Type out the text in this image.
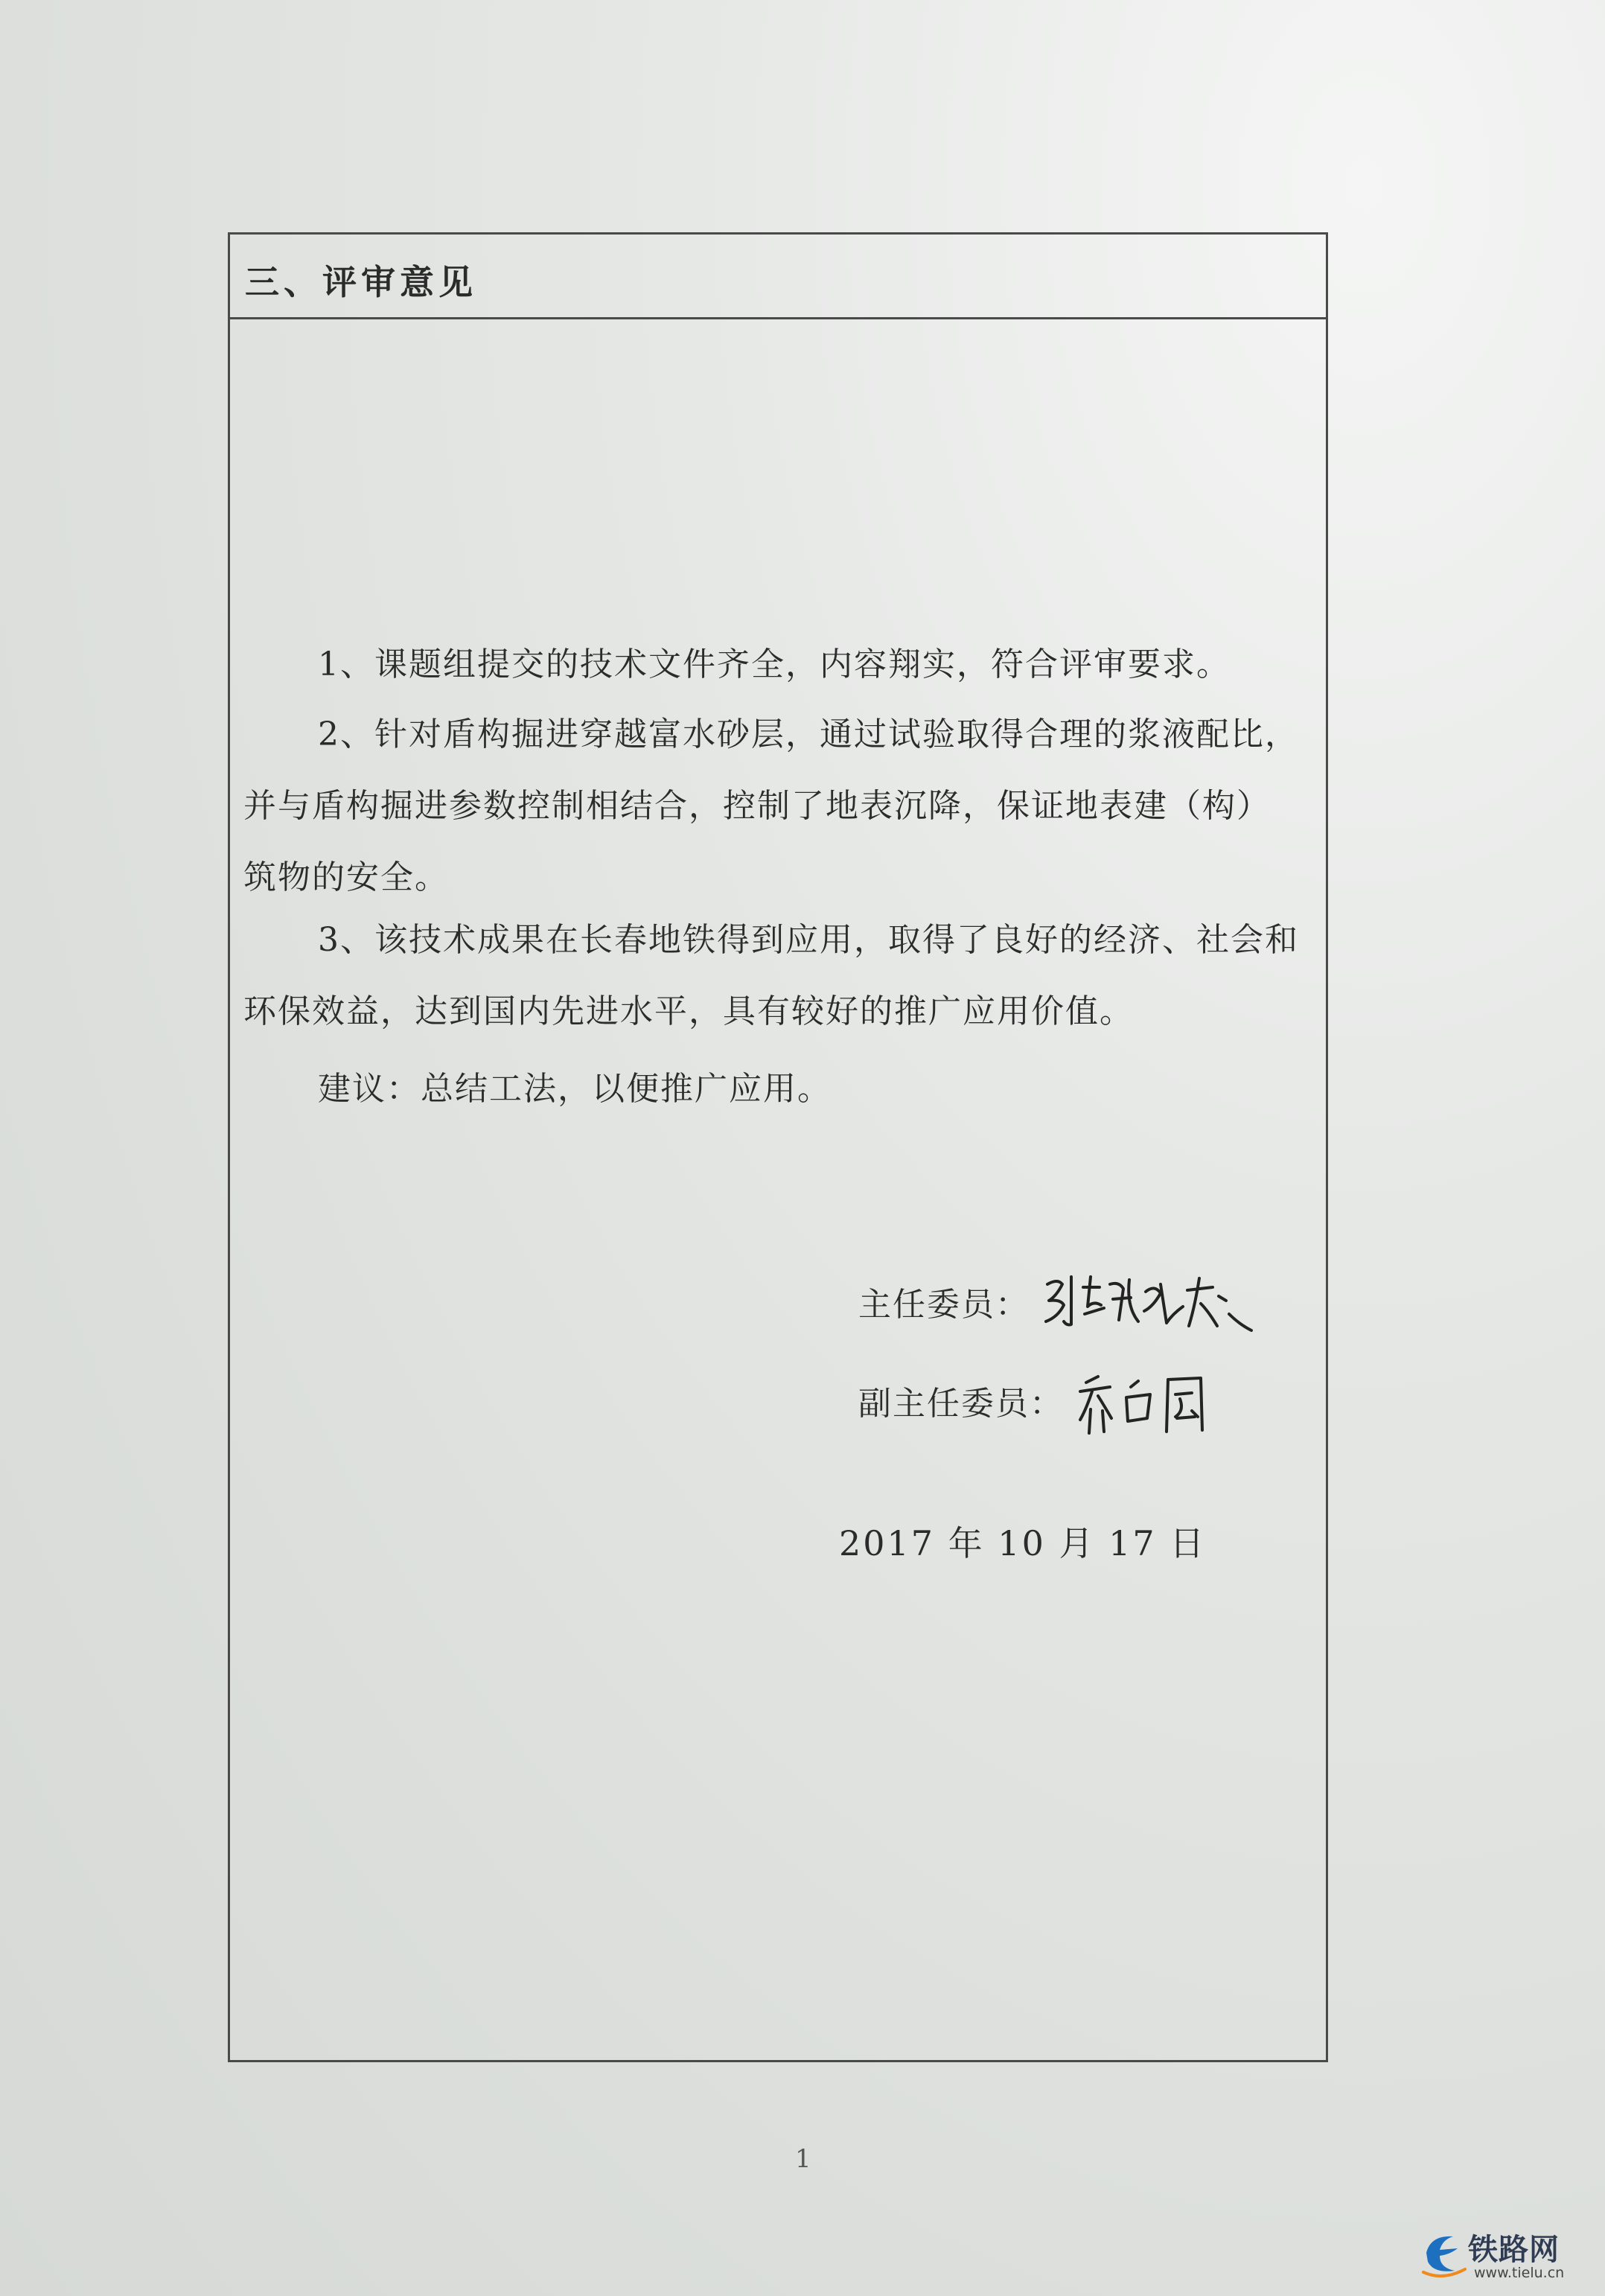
三、评审意见

1、课题组提交的技术文件齐全，内容翔实，符合评审要求。

2、针对盾构掘进穿越富水砂层，通过试验取得合理的浆液配比，并与盾构掘进参数控制相结合，控制了地表沉降，保证地表建（构）筑物的安全。

3、该技术成果在长春地铁得到应用，取得了良好的经济、社会和环保效益，达到国内先进水平，具有较好的推广应用价值。

建议：总结工法，以便推广应用。

主任委员：
副主任委员：
2017 年 10 月 17 日
1
铁路网
www.tielu.cn
